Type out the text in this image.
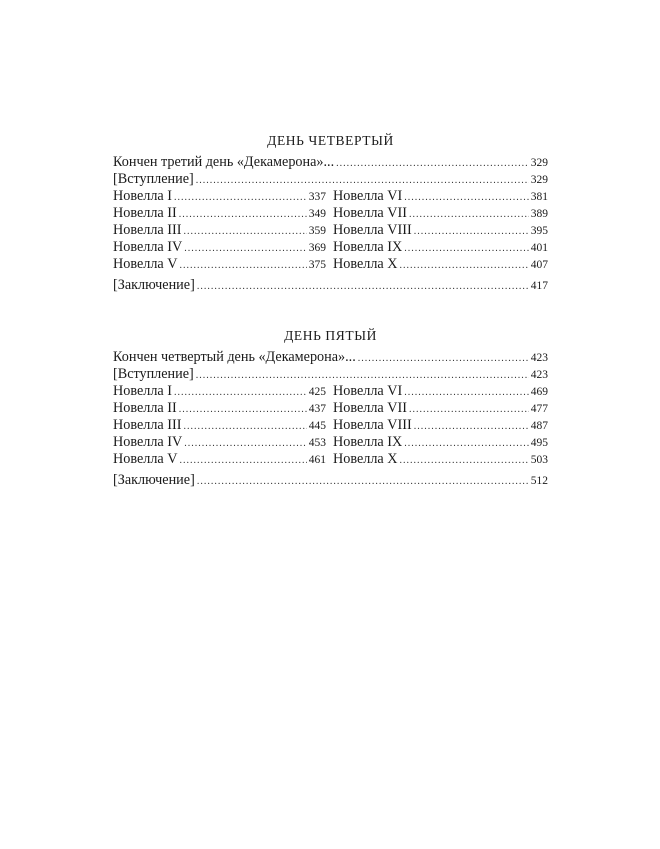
ДЕНЬ ЧЕТВЕРТЫЙ
Кончен третий день «Декамерона»... .....	329
[Вступление] .....	329
Новелла I .....	337
Новелла II .....	349
Новелла III .....	359
Новелла IV .....	369
Новелла V .....	375
Новелла VI .....	381
Новелла VII .....	389
Новелла VIII .....	395
Новелла IX .....	401
Новелла X .....	407
[Заключение] .....	417
ДЕНЬ ПЯТЫЙ
Кончен четвертый день «Декамерона»... .....	423
[Вступление] .....	423
Новелла I .....	425
Новелла II .....	437
Новелла III .....	445
Новелла IV .....	453
Новелла V .....	461
Новелла VI .....	469
Новелла VII .....	477
Новелла VIII .....	487
Новелла IX .....	495
Новелла X .....	503
[Заключение] .....	512
